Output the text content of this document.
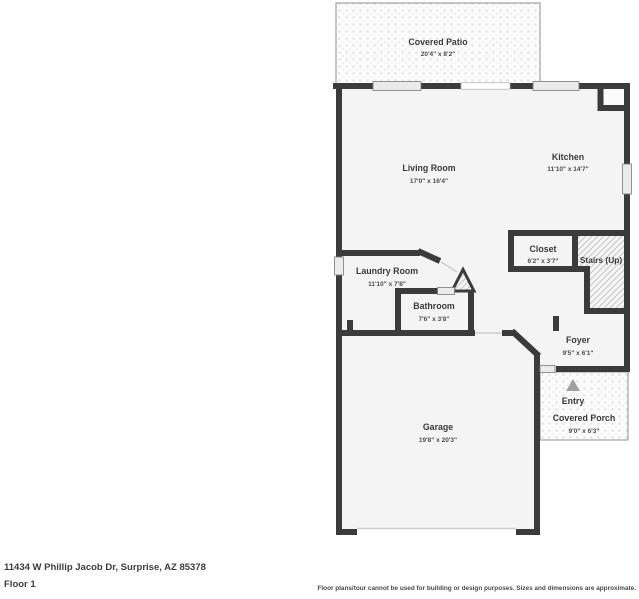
Covered Patio
20'4" x 8'2"
Entry
Covered Porch
9'0" x 6'3"
Living Room
17'0" x 16'4"
Kitchen
11'10" x 14'7"
Closet
6'2" x 3'7"	Stairs (Up)
Laundry Room
11'10" x 7'8"
Bathroom
7'6" x 3'8"
Foyer
9'5" x 6'1"
Garage
19'8" x 20'3"
11434 W Phillip Jacob Dr, Surprise, AZ 85378
Floor 1	Floor plans/tour cannot be used for building or design purposes. Sizes and dimensions are approximate.
